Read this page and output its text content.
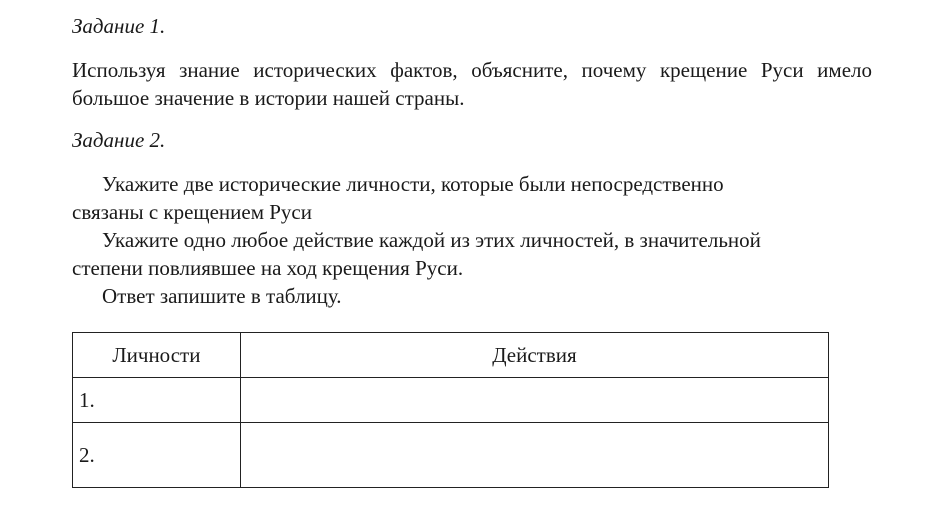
Задание 1.
Используя знание исторических фактов, объясните, почему крещение Руси имело большое значение в истории нашей страны.
Задание 2.
Укажите две исторические личности, которые были непосредственно
связаны с крещением Руси
Укажите одно любое действие каждой из этих личностей, в значительной
степени повлиявшее на ход крещения Руси.
Ответ запишите в таблицу.
Личности	Действия
1.	
2.	
